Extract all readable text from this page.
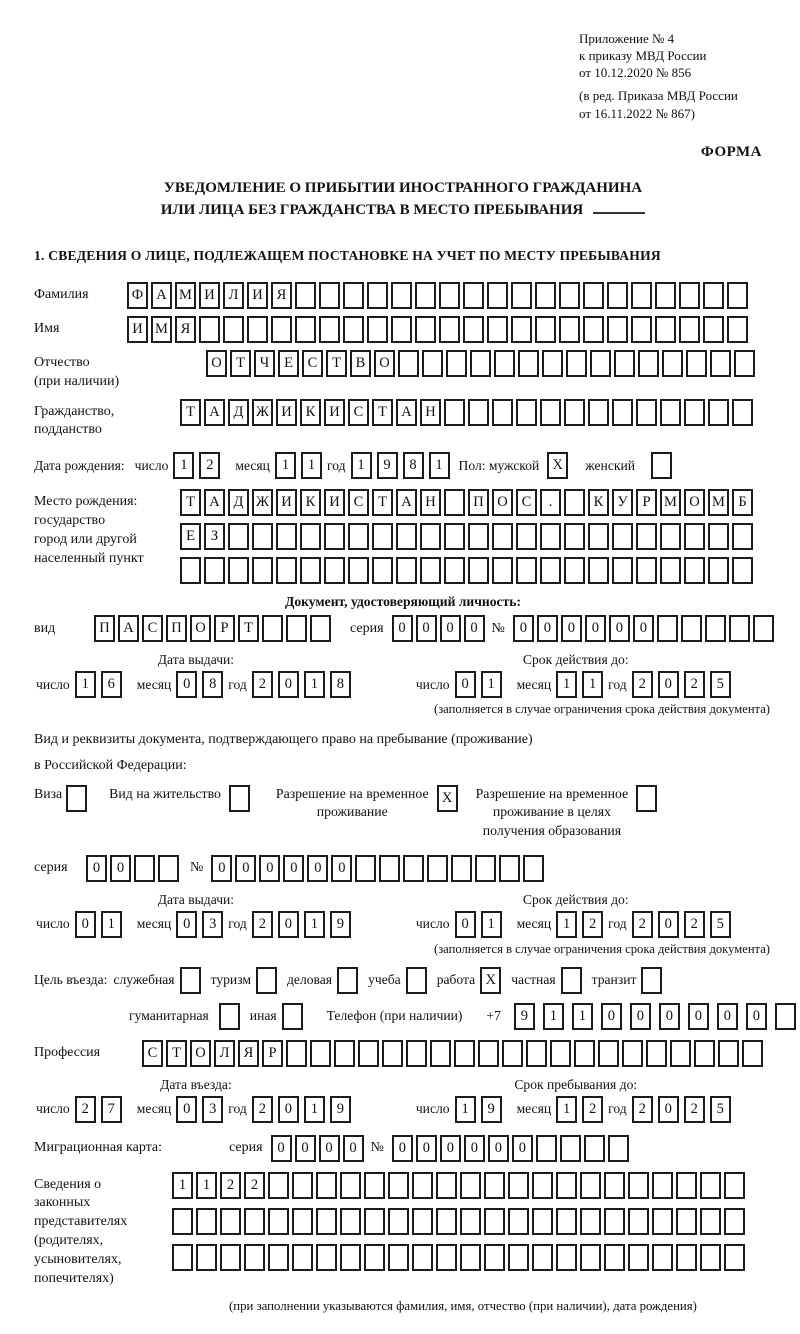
Приложение № 4
к приказу МВД России
от 10.12.2020 № 856
(в ред. Приказа МВД России
от 16.11.2022 № 867)
ФОРМА
УВЕДОМЛЕНИЕ О ПРИБЫТИИ ИНОСТРАННОГО ГРАЖДАНИНА
ИЛИ ЛИЦА БЕЗ ГРАЖДАНСТВА В МЕСТО ПРЕБЫВАНИЯ
1. СВЕДЕНИЯ О ЛИЦЕ, ПОДЛЕЖАЩЕМ ПОСТАНОВКЕ НА УЧЕТ ПО МЕСТУ ПРЕБЫВАНИЯ
Фамилия	Ф А М И Л И Я
Имя	И М Я
Отчество
(при наличии)
О Т	Ч	Е	С	Т	В О
Гражданство,
подданство
Т А Д Ж И К И С	Т А Н
Дата рождения: число 1	2	месяц 1	1 год 1	9	8	1	Пол: мужской X	женский
Место рождения:
государство
город или другой
населенный пункт
Т А Д Ж И К И С	Т А Н	П О С	.	К У	Р М О М Б
Е	З
Документ, удостоверяющий личность:
вид	П А С П О	Р	Т	серия	0	0	0	0 №	0	0	0	0	0	0
Дата выдачи:
число 1	6	месяц 0	8 год 2	0	1	8
Срок действия до:
число 0	1	месяц 1	1 год 2	0	2	5
(заполняется в случае ограничения срока действия документа)
Вид и реквизиты документа, подтверждающего право на пребывание (проживание)
в Российской Федерации:
Виза	Вид на жительство	Разрешение на временное
проживание
X	Разрешение на временное
проживание в целях
получения образования
серия	0	0	№	0	0	0	0	0	0
Дата выдачи:
число 0	1	месяц 0	3 год 2	0	1	9
Срок действия до:
число 0	1	месяц 1	2 год 2	0	2	5
(заполняется в случае ограничения срока действия документа)
Цель въезда: служебная	туризм	деловая	учеба	работа X	частная	транзит
гуманитарная	иная	Телефон (при наличии) +7	9	1	1	0	0	0	0	0	0
Профессия	С	Т О Л Я	Р
Дата въезда:
число 2	7	месяц 0	3 год 2	0	1	9
Срок пребывания до:
число 1	9	месяц 1	2 год 2	0	2	5
Миграционная карта:	серия	0	0	0	0 №	0	0	0	0	0	0
Сведения о
законных
представителях
(родителях,
усыновителях,
попечителях)
1	1	2	2
(при заполнении указываются фамилия, имя, отчество (при наличии), дата рождения)
